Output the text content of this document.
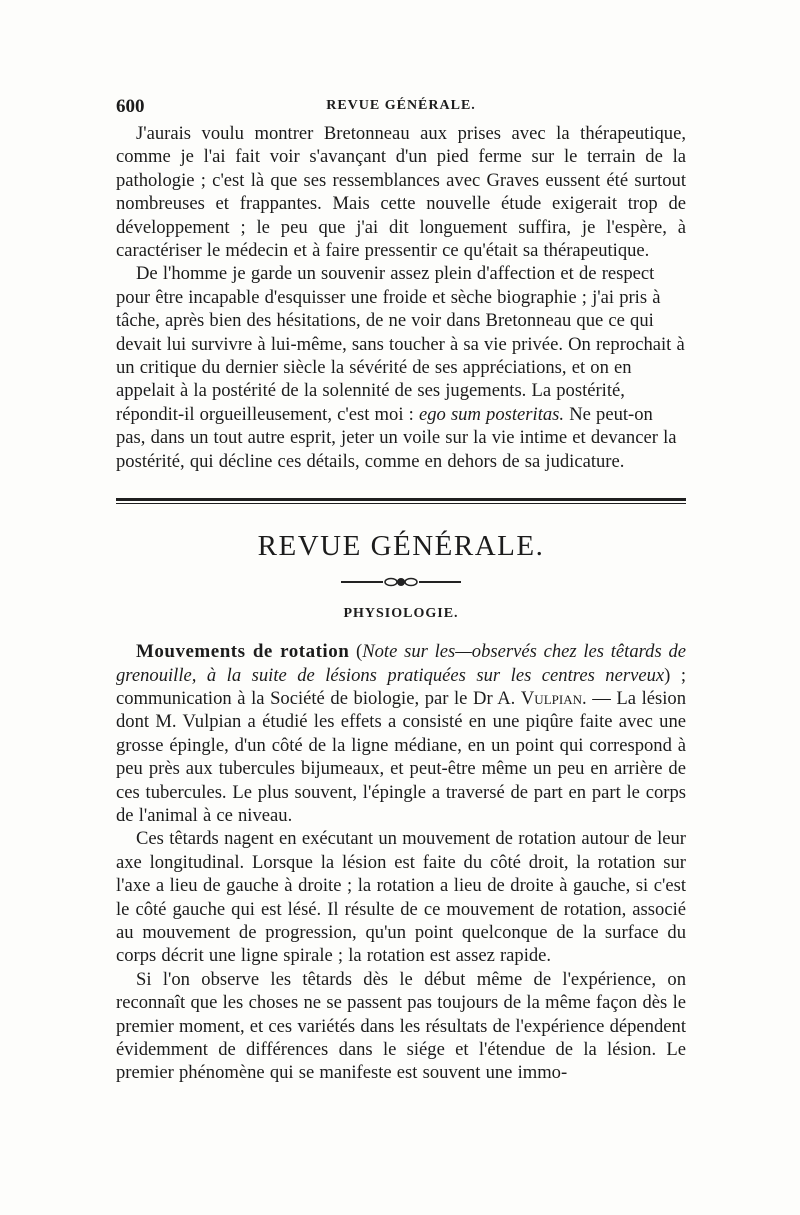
600	REVUE GÉNÉRALE.

J'aurais voulu montrer Bretonneau aux prises avec la thérapeutique, comme je l'ai fait voir s'avançant d'un pied ferme sur le terrain de la pathologie ; c'est là que ses ressemblances avec Graves eussent été surtout nombreuses et frappantes. Mais cette nouvelle étude exigerait trop de développement ; le peu que j'ai dit longuement suffira, je l'espère, à caractériser le médecin et à faire pressentir ce qu'était sa thérapeutique.

De l'homme je garde un souvenir assez plein d'affection et de respect pour être incapable d'esquisser une froide et sèche biographie ; j'ai pris à tâche, après bien des hésitations, de ne voir dans Bretonneau que ce qui devait lui survivre à lui-même, sans toucher à sa vie privée. On reprochait à un critique du dernier siècle la sévérité de ses appréciations, et on en appelait à la postérité de la solennité de ses jugements. La postérité, répondit-il orgueilleusement, c'est moi : ego sum posteritas. Ne peut-on pas, dans un tout autre esprit, jeter un voile sur la vie intime et devancer la postérité, qui décline ces détails, comme en dehors de sa judicature.

REVUE GÉNÉRALE.
PHYSIOLOGIE.

Mouvements de rotation (Note sur les—observés chez les têtards de grenouille, à la suite de lésions pratiquées sur les centres nerveux) ; communication à la Société de biologie, par le Dr A. Vulpian. — La lésion dont M. Vulpian a étudié les effets a consisté en une piqûre faite avec une grosse épingle, d'un côté de la ligne médiane, en un point qui correspond à peu près aux tubercules bijumeaux, et peut-être même un peu en arrière de ces tubercules. Le plus souvent, l'épingle a traversé de part en part le corps de l'animal à ce niveau.

Ces têtards nagent en exécutant un mouvement de rotation autour de leur axe longitudinal. Lorsque la lésion est faite du côté droit, la rotation sur l'axe a lieu de gauche à droite ; la rotation a lieu de droite à gauche, si c'est le côté gauche qui est lésé. Il résulte de ce mouvement de rotation, associé au mouvement de progression, qu'un point quelconque de la surface du corps décrit une ligne spirale ; la rotation est assez rapide.

Si l'on observe les têtards dès le début même de l'expérience, on reconnaît que les choses ne se passent pas toujours de la même façon dès le premier moment, et ces variétés dans les résultats de l'expérience dépendent évidemment de différences dans le siége et l'étendue de la lésion. Le premier phénomène qui se manifeste est souvent une immo-
